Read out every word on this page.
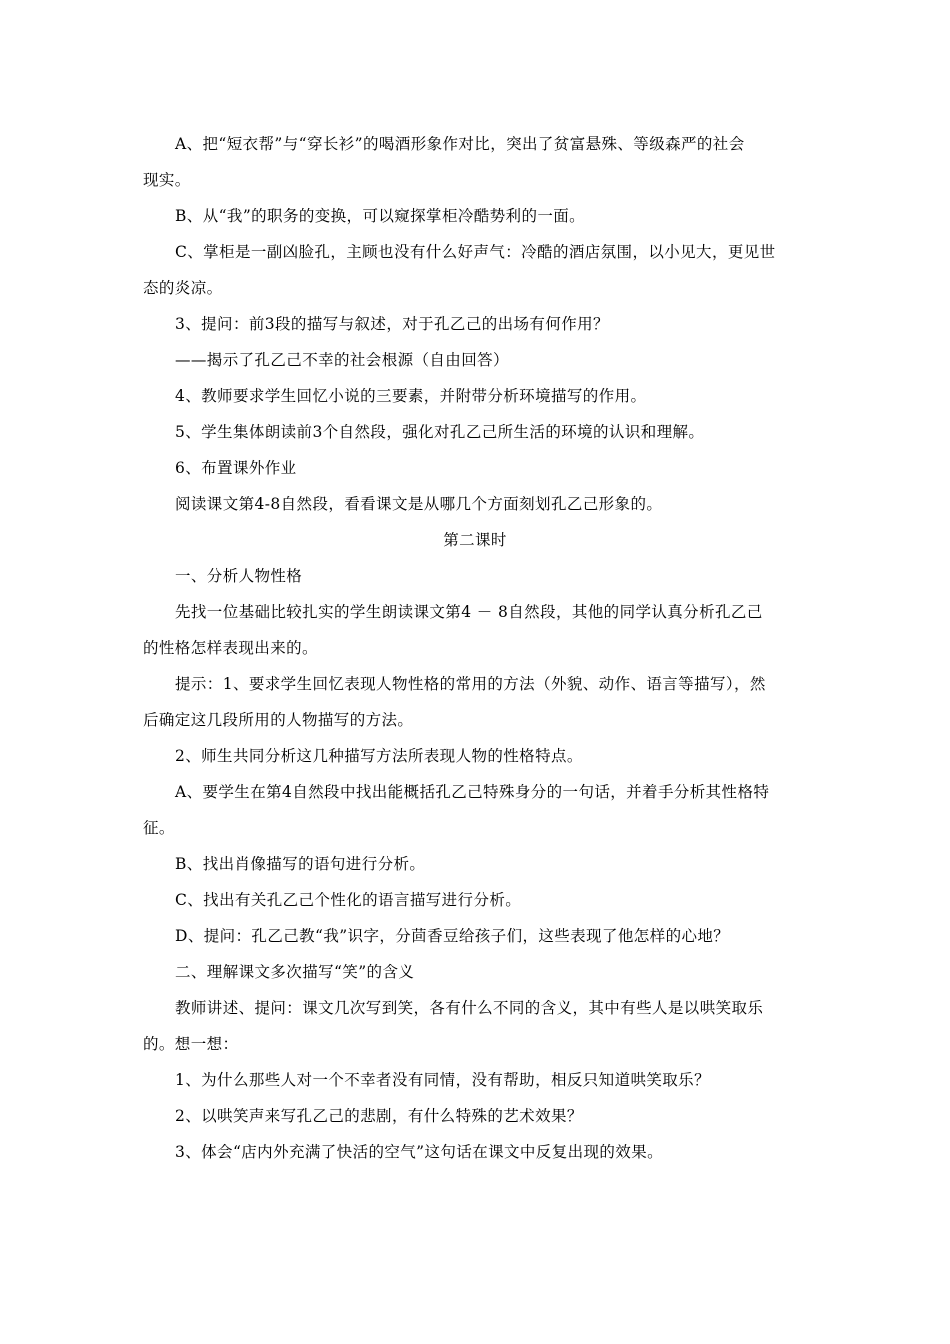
A、把“短衣帮”与“穿长衫”的喝酒形象作对比，突出了贫富悬殊、等级森严的社会

现实。

B、从“我”的职务的变换，可以窥探掌柜冷酷势利的一面。

C、掌柜是一副凶脸孔，主顾也没有什么好声气：冷酷的酒店氛围，以小见大，更见世

态的炎凉。

3、提问：前3段的描写与叙述，对于孔乙己的出场有何作用？

——揭示了孔乙己不幸的社会根源（自由回答）

4、教师要求学生回忆小说的三要素，并附带分析环境描写的作用。

5、学生集体朗读前3个自然段，强化对孔乙己所生活的环境的认识和理解。

6、布置课外作业

阅读课文第4-8自然段，看看课文是从哪几个方面刻划孔乙己形象的。

第二课时

一、分析人物性格

先找一位基础比较扎实的学生朗读课文第4 － 8自然段，其他的同学认真分析孔乙己

的性格怎样表现出来的。

提示：1、要求学生回忆表现人物性格的常用的方法（外貌、动作、语言等描写），然

后确定这几段所用的人物描写的方法。

2、师生共同分析这几种描写方法所表现人物的性格特点。

A、要学生在第4自然段中找出能概括孔乙己特殊身分的一句话，并着手分析其性格特

征。

B、找出肖像描写的语句进行分析。

C、找出有关孔乙己个性化的语言描写进行分析。

D、提问：孔乙己教“我”识字，分茴香豆给孩子们，这些表现了他怎样的心地？

二、理解课文多次描写“笑”的含义

教师讲述、提问：课文几次写到笑，各有什么不同的含义，其中有些人是以哄笑取乐

的。想一想：

1、为什么那些人对一个不幸者没有同情，没有帮助，相反只知道哄笑取乐？

2、以哄笑声来写孔乙己的悲剧，有什么特殊的艺术效果？

3、体会“店内外充满了快活的空气”这句话在课文中反复出现的效果。
